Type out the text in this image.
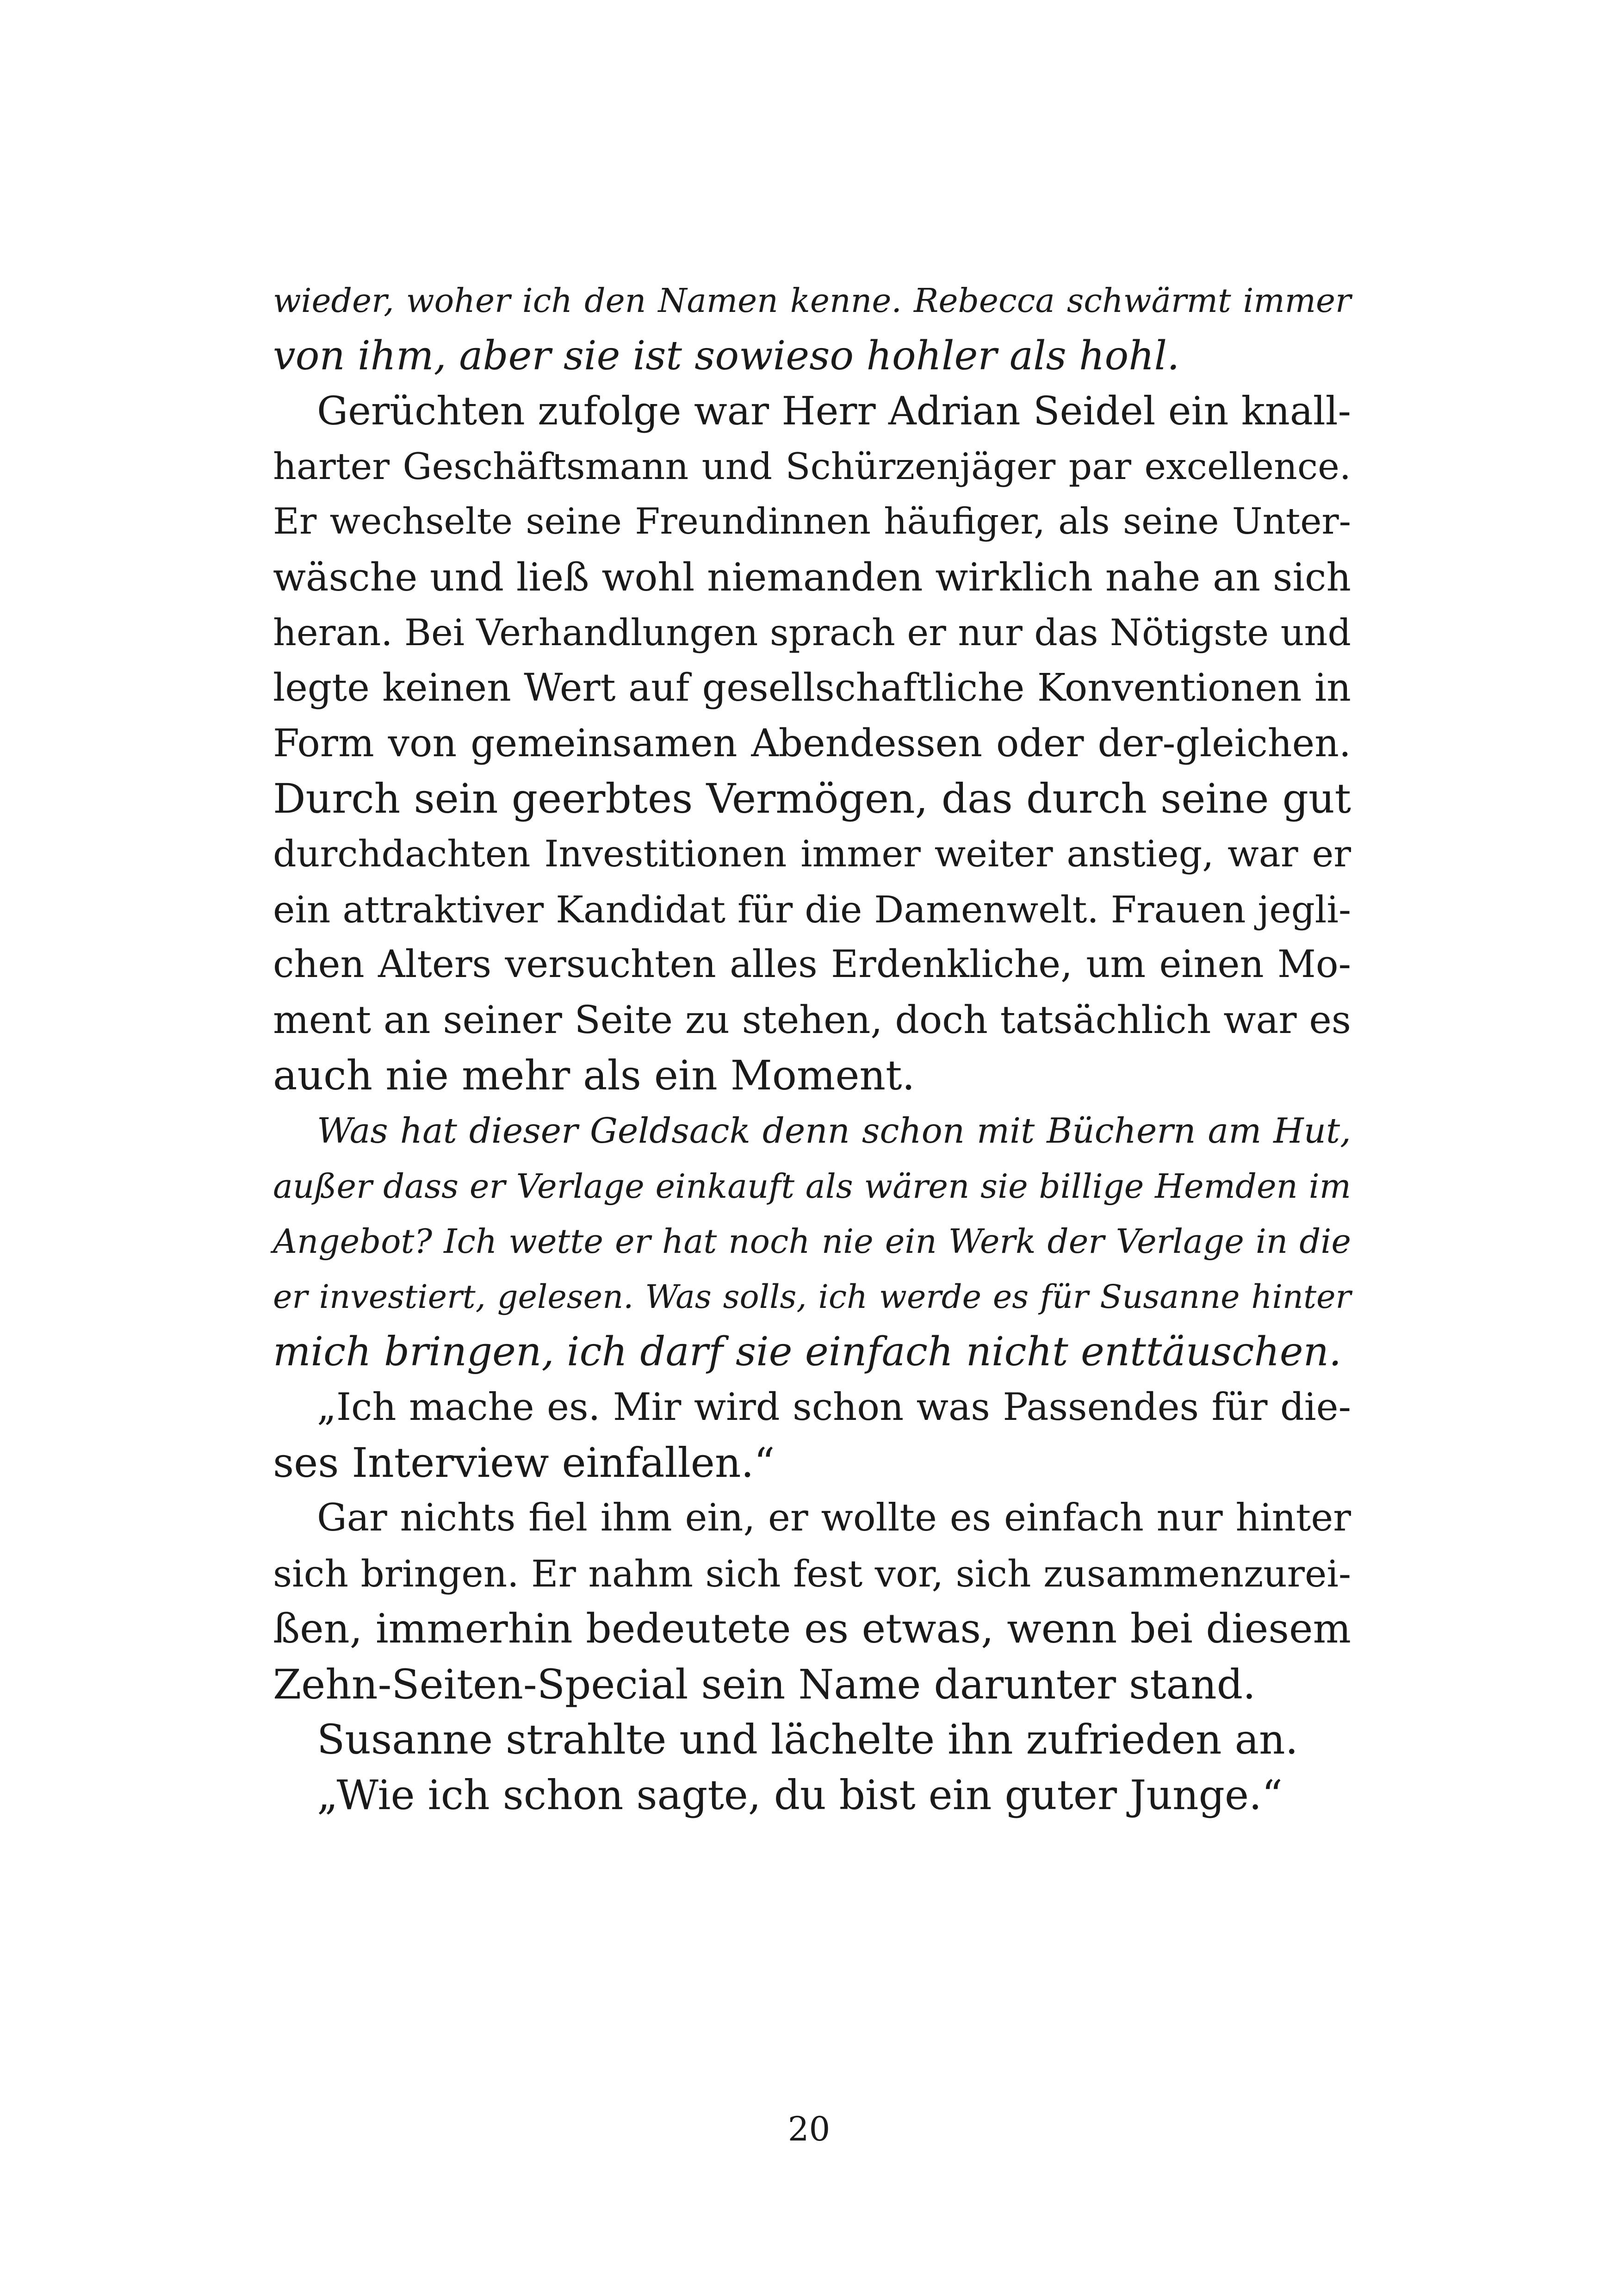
wieder, woher ich den Namen kenne. Rebecca schwärmt immer
von ihm, aber sie ist sowieso hohler als hohl.
Gerüchten zufolge war Herr Adrian Seidel ein knall-
harter Geschäftsmann und Schürzenjäger par excellence.
Er wechselte seine Freundinnen häufiger, als seine Unter-
wäsche und ließ wohl niemanden wirklich nahe an sich
heran. Bei Verhandlungen sprach er nur das Nötigste und
legte keinen Wert auf gesellschaftliche Konventionen in
Form von gemeinsamen Abendessen oder der-gleichen.
Durch sein geerbtes Vermögen, das durch seine gut
durchdachten Investitionen immer weiter anstieg, war er
ein attraktiver Kandidat für die Damenwelt. Frauen jegli-
chen Alters versuchten alles Erdenkliche, um einen Mo-
ment an seiner Seite zu stehen, doch tatsächlich war es
auch nie mehr als ein Moment.
Was hat dieser Geldsack denn schon mit Büchern am Hut,
außer dass er Verlage einkauft als wären sie billige Hemden im
Angebot? Ich wette er hat noch nie ein Werk der Verlage in die
er investiert, gelesen. Was solls, ich werde es für Susanne hinter
mich bringen, ich darf sie einfach nicht enttäuschen.
„Ich mache es. Mir wird schon was Passendes für die-
ses Interview einfallen.“
Gar nichts fiel ihm ein, er wollte es einfach nur hinter
sich bringen. Er nahm sich fest vor, sich zusammenzurei-
ßen, immerhin bedeutete es etwas, wenn bei diesem
Zehn-Seiten-Special sein Name darunter stand.
Susanne strahlte und lächelte ihn zufrieden an.
„Wie ich schon sagte, du bist ein guter Junge.“
20
